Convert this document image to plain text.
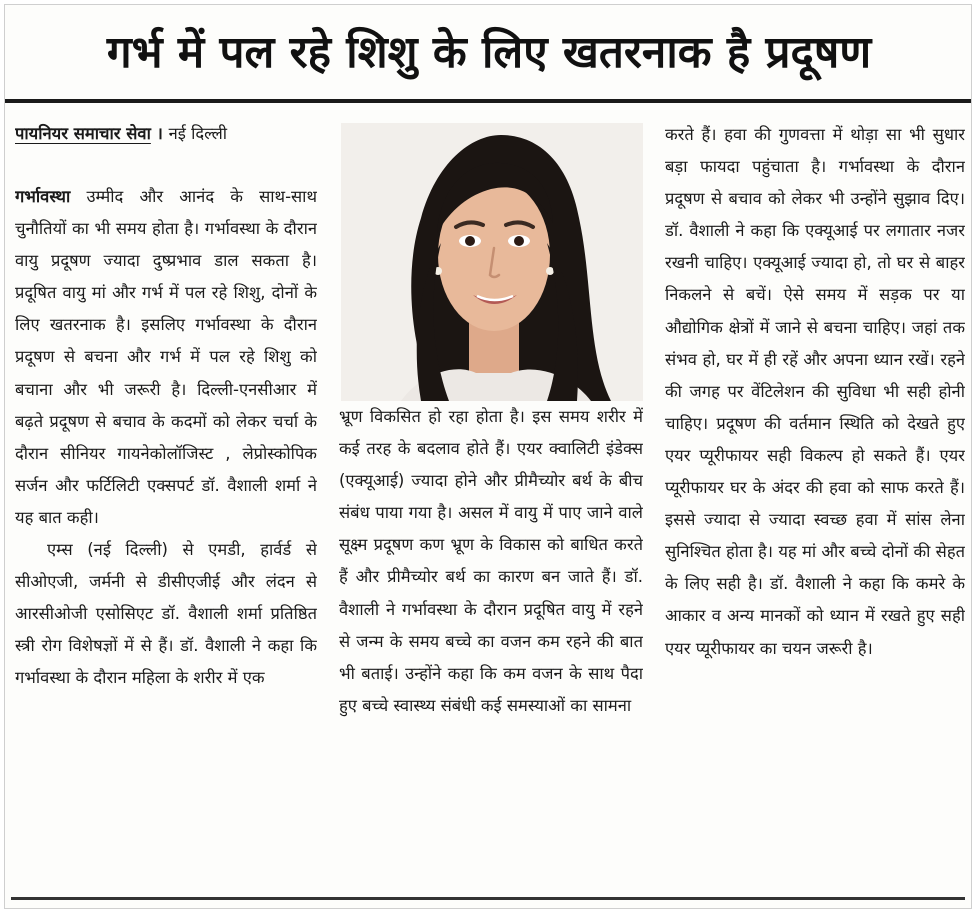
गर्भ में पल रहे शिशु के लिए खतरनाक है प्रदूषण

पायनियर समाचार सेवा । नई दिल्ली

गर्भावस्था उम्मीद और आनंद के साथ-साथ चुनौतियों का भी समय होता है। गर्भावस्था के दौरान वायु प्रदूषण ज्यादा दुष्प्रभाव डाल सकता है। प्रदूषित वायु मां और गर्भ में पल रहे शिशु, दोनों के लिए खतरनाक है। इसलिए गर्भावस्था के दौरान प्रदूषण से बचना और गर्भ में पल रहे शिशु को बचाना और भी जरूरी है। दिल्ली-एनसीआर में बढ़ते प्रदूषण से बचाव के कदमों को लेकर चर्चा के दौरान सीनियर गायनेकोलॉजिस्ट , लेप्रोस्कोपिक सर्जन और फर्टिलिटी एक्सपर्ट डॉ. वैशाली शर्मा ने यह बात कही।

एम्स (नई दिल्ली) से एमडी, हार्वर्ड से सीओएजी, जर्मनी से डीसीएजीई और लंदन से आरसीओजी एसोसिएट डॉ. वैशाली शर्मा प्रतिष्ठित स्त्री रोग विशेषज्ञों में से हैं। डॉ. वैशाली ने कहा कि गर्भावस्था के दौरान महिला के शरीर में एक

भ्रूण विकसित हो रहा होता है। इस समय शरीर में कई तरह के बदलाव होते हैं। एयर क्वालिटी इंडेक्स (एक्यूआई) ज्यादा होने और प्रीमैच्योर बर्थ के बीच संबंध पाया गया है। असल में वायु में पाए जाने वाले सूक्ष्म प्रदूषण कण भ्रूण के विकास को बाधित करते हैं और प्रीमैच्योर बर्थ का कारण बन जाते हैं। डॉ. वैशाली ने गर्भावस्था के दौरान प्रदूषित वायु में रहने से जन्म के समय बच्चे का वजन कम रहने की बात भी बताई। उन्होंने कहा कि कम वजन के साथ पैदा हुए बच्चे स्वास्थ्य संबंधी कई समस्याओं का सामना

करते हैं। हवा की गुणवत्ता में थोड़ा सा भी सुधार बड़ा फायदा पहुंचाता है। गर्भावस्था के दौरान प्रदूषण से बचाव को लेकर भी उन्होंने सुझाव दिए। डॉ. वैशाली ने कहा कि एक्यूआई पर लगातार नजर रखनी चाहिए। एक्यूआई ज्यादा हो, तो घर से बाहर निकलने से बचें। ऐसे समय में सड़क पर या औद्योगिक क्षेत्रों में जाने से बचना चाहिए। जहां तक संभव हो, घर में ही रहें और अपना ध्यान रखें। रहने की जगह पर वेंटिलेशन की सुविधा भी सही होनी चाहिए। प्रदूषण की वर्तमान स्थिति को देखते हुए एयर प्यूरीफायर सही विकल्प हो सकते हैं। एयर प्यूरीफायर घर के अंदर की हवा को साफ करते हैं। इससे ज्यादा से ज्यादा स्वच्छ हवा में सांस लेना सुनिश्चित होता है। यह मां और बच्चे दोनों की सेहत के लिए सही है। डॉ. वैशाली ने कहा कि कमरे के आकार व अन्य मानकों को ध्यान में रखते हुए सही एयर प्यूरीफायर का चयन जरूरी है।
